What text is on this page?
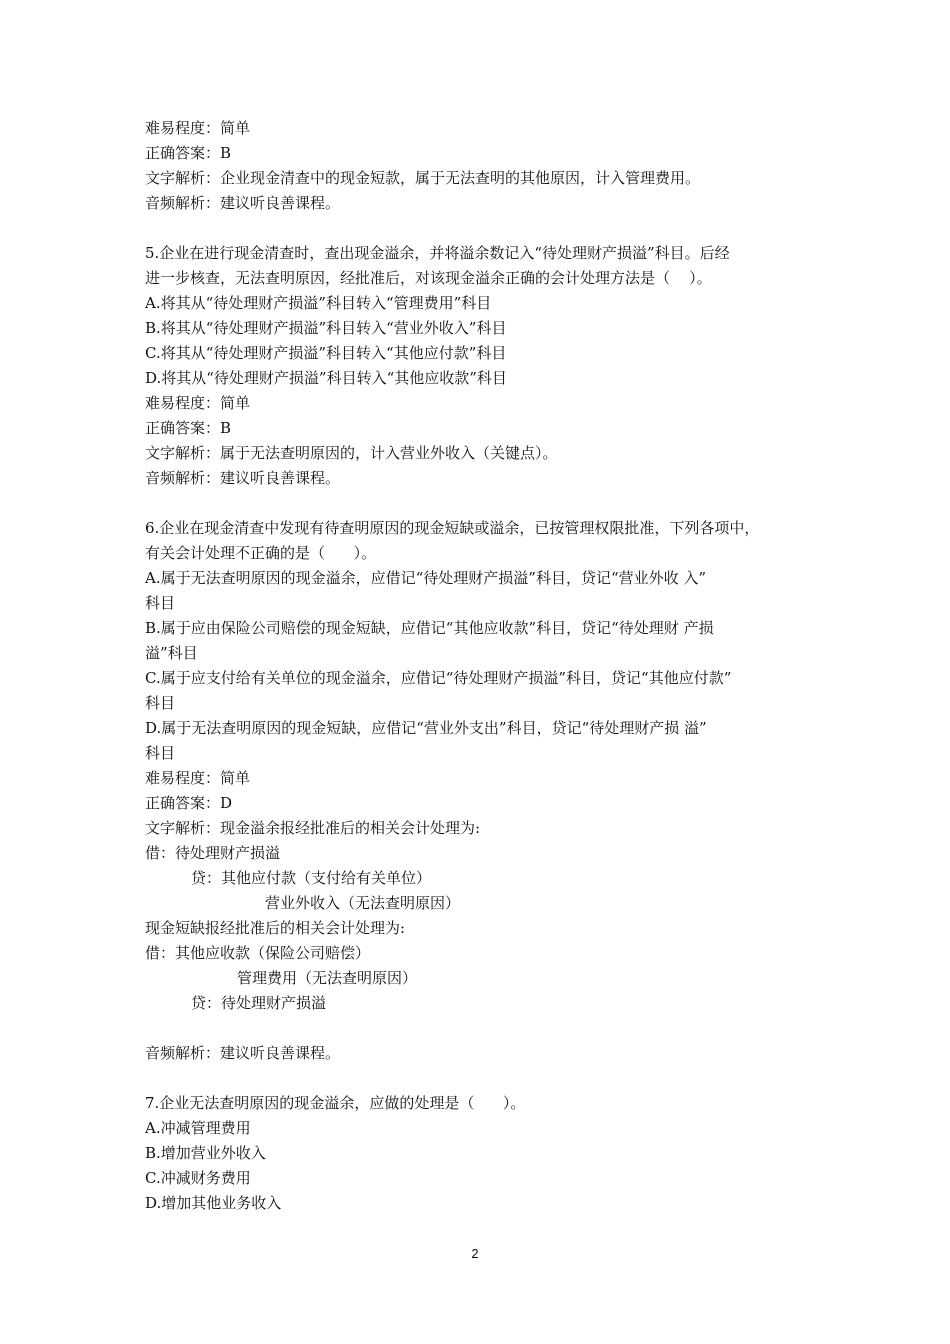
难易程度：简单
正确答案：B
文字解析：企业现金清查中的现金短款，属于无法查明的其他原因，计入管理费用。
音频解析：建议听良善课程。
5.企业在进行现金清查时，查出现金溢余，并将溢余数记入“待处理财产损溢”科目。后经
进一步核查，无法查明原因，经批准后，对该现金溢余正确的会计处理方法是（    ）。
A.将其从“待处理财产损溢”科目转入“管理费用”科目
B.将其从“待处理财产损溢”科目转入“营业外收入”科目
C.将其从“待处理财产损溢”科目转入“其他应付款”科目
D.将其从“待处理财产损溢”科目转入“其他应收款”科目
难易程度：简单
正确答案：B
文字解析：属于无法查明原因的，计入营业外收入（关键点）。
音频解析：建议听良善课程。
6.企业在现金清查中发现有待查明原因的现金短缺或溢余，已按管理权限批准，下列各项中，
有关会计处理不正确的是（      ）。
A.属于无法查明原因的现金溢余，应借记“待处理财产损溢”科目，贷记“营业外收 入”
科目
B.属于应由保险公司赔偿的现金短缺，应借记“其他应收款”科目，贷记“待处理财 产损
溢”科目
C.属于应支付给有关单位的现金溢余，应借记“待处理财产损溢”科目，贷记“其他应付款”
科目
D.属于无法查明原因的现金短缺，应借记“营业外支出”科目，贷记“待处理财产损 溢”
科目
难易程度：简单
正确答案：D
文字解析：现金溢余报经批准后的相关会计处理为:
借：待处理财产损溢
贷：其他应付款（支付给有关单位）
营业外收入（无法查明原因）
现金短缺报经批准后的相关会计处理为:
借：其他应收款（保险公司赔偿）
管理费用（无法查明原因）
贷：待处理财产损溢
音频解析：建议听良善课程。
7.企业无法查明原因的现金溢余，应做的处理是（      ）。
A.冲减管理费用
B.增加营业外收入
C.冲减财务费用
D.增加其他业务收入
2
